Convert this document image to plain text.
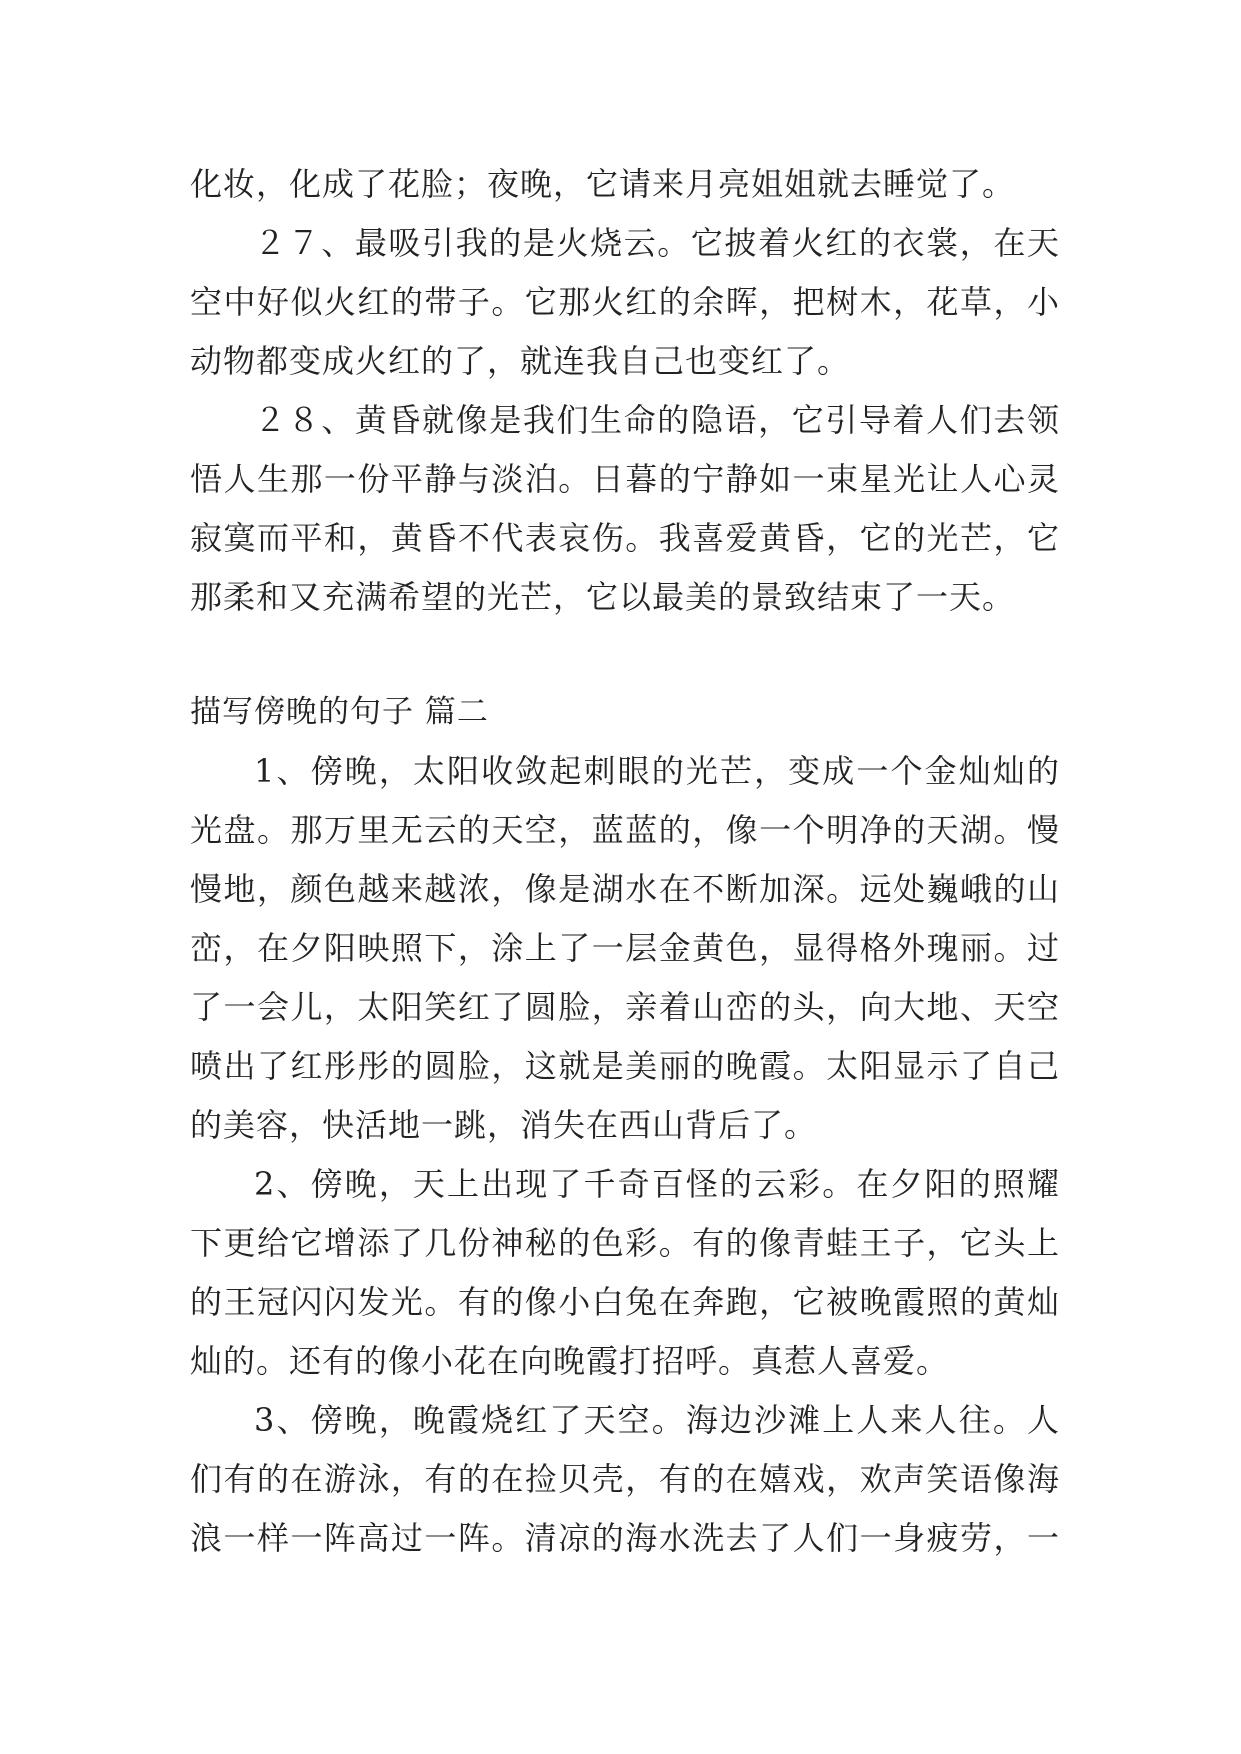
化妆，化成了花脸；夜晚，它请来月亮姐姐就去睡觉了。
２７、最吸引我的是火烧云。它披着火红的衣裳，在天
空中好似火红的带子。它那火红的余晖，把树木，花草，小
动物都变成火红的了，就连我自己也变红了。
２８、黄昏就像是我们生命的隐语，它引导着人们去领
悟人生那一份平静与淡泊。日暮的宁静如一束星光让人心灵
寂寞而平和，黄昏不代表哀伤。我喜爱黄昏，它的光芒，它
那柔和又充满希望的光芒，它以最美的景致结束了一天。
描写傍晚的句子 篇二
1、傍晚，太阳收敛起刺眼的光芒，变成一个金灿灿的
光盘。那万里无云的天空，蓝蓝的，像一个明净的天湖。慢
慢地，颜色越来越浓，像是湖水在不断加深。远处巍峨的山
峦，在夕阳映照下，涂上了一层金黄色，显得格外瑰丽。过
了一会儿，太阳笑红了圆脸，亲着山峦的头，向大地、天空
喷出了红彤彤的圆脸，这就是美丽的晚霞。太阳显示了自己
的美容，快活地一跳，消失在西山背后了。
2、傍晚，天上出现了千奇百怪的云彩。在夕阳的照耀
下更给它增添了几份神秘的色彩。有的像青蛙王子，它头上
的王冠闪闪发光。有的像小白兔在奔跑，它被晚霞照的黄灿
灿的。还有的像小花在向晚霞打招呼。真惹人喜爱。
3、傍晚，晚霞烧红了天空。海边沙滩上人来人往。人
们有的在游泳，有的在捡贝壳，有的在嬉戏，欢声笑语像海
浪一样一阵高过一阵。清凉的海水洗去了人们一身疲劳，一
